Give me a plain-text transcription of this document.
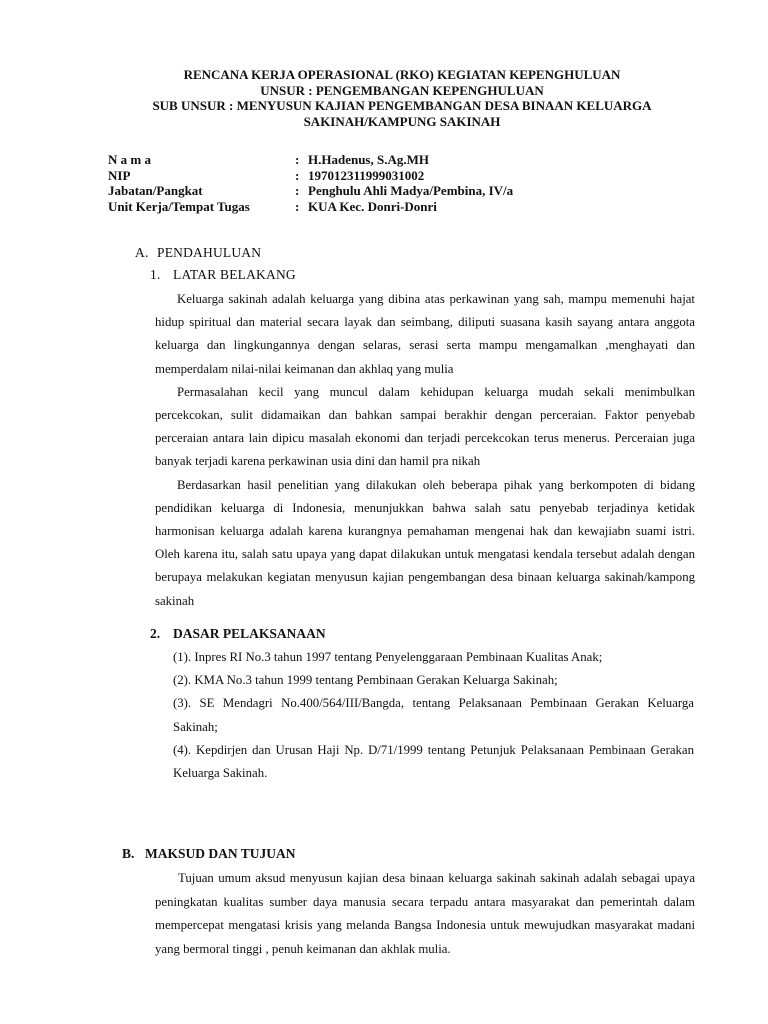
RENCANA KERJA OPERASIONAL (RKO) KEGIATAN KEPENGHULUAN
UNSUR : PENGEMBANGAN KEPENGHULUAN
SUB UNSUR : MENYUSUN KAJIAN PENGEMBANGAN DESA BINAAN KELUARGA
SAKINAH/KAMPUNG SAKINAH
N a m a	: H.Hadenus, S.Ag.MH
NIP	: 197012311999031002
Jabatan/Pangkat	: Penghulu Ahli Madya/Pembina, IV/a
Unit Kerja/Tempat Tugas	: KUA Kec. Donri-Donri
A. PENDAHULUAN
1. LATAR BELAKANG

Keluarga sakinah adalah keluarga yang dibina atas perkawinan yang sah, mampu memenuhi hajat hidup spiritual dan material secara layak dan seimbang, diliputi suasana kasih sayang antara anggota keluarga dan lingkungannya dengan selaras, serasi serta mampu mengamalkan ,menghayati dan memperdalam nilai-nilai keimanan dan akhlaq yang mulia

Permasalahan kecil yang muncul dalam kehidupan keluarga mudah sekali menimbulkan percekcokan, sulit didamaikan dan bahkan sampai berakhir dengan perceraian. Faktor penyebab perceraian antara lain dipicu masalah ekonomi dan terjadi percekcokan terus menerus. Perceraian juga banyak terjadi karena perkawinan usia dini dan hamil pra nikah

Berdasarkan hasil penelitian yang dilakukan oleh beberapa pihak yang berkompoten di bidang pendidikan keluarga di Indonesia, menunjukkan bahwa salah satu penyebab terjadinya ketidak harmonisan keluarga adalah karena kurangnya pemahaman mengenai hak dan kewajiabn suami istri. Oleh karena itu, salah satu upaya yang dapat dilakukan untuk mengatasi kendala tersebut adalah dengan berupaya melakukan kegiatan menyusun kajian pengembangan desa binaan keluarga sakinah/kampong sakinah

2. DASAR PELAKSANAAN

(1). Inpres RI No.3 tahun 1997 tentang Penyelenggaraan Pembinaan Kualitas Anak;

(2). KMA No.3 tahun 1999 tentang Pembinaan Gerakan Keluarga Sakinah;

(3). SE Mendagri No.400/564/III/Bangda, tentang Pelaksanaan Pembinaan Gerakan Keluarga Sakinah;

(4). Kepdirjen dan Urusan Haji Np. D/71/1999 tentang Petunjuk Pelaksanaan Pembinaan Gerakan Keluarga Sakinah.

B. MAKSUD DAN TUJUAN

Tujuan umum aksud menyusun kajian desa binaan keluarga sakinah sakinah adalah sebagai upaya peningkatan kualitas sumber daya manusia secara terpadu antara masyarakat dan pemerintah dalam mempercepat mengatasi krisis yang melanda Bangsa Indonesia untuk mewujudkan masyarakat madani yang bermoral tinggi , penuh keimanan dan akhlak mulia.
